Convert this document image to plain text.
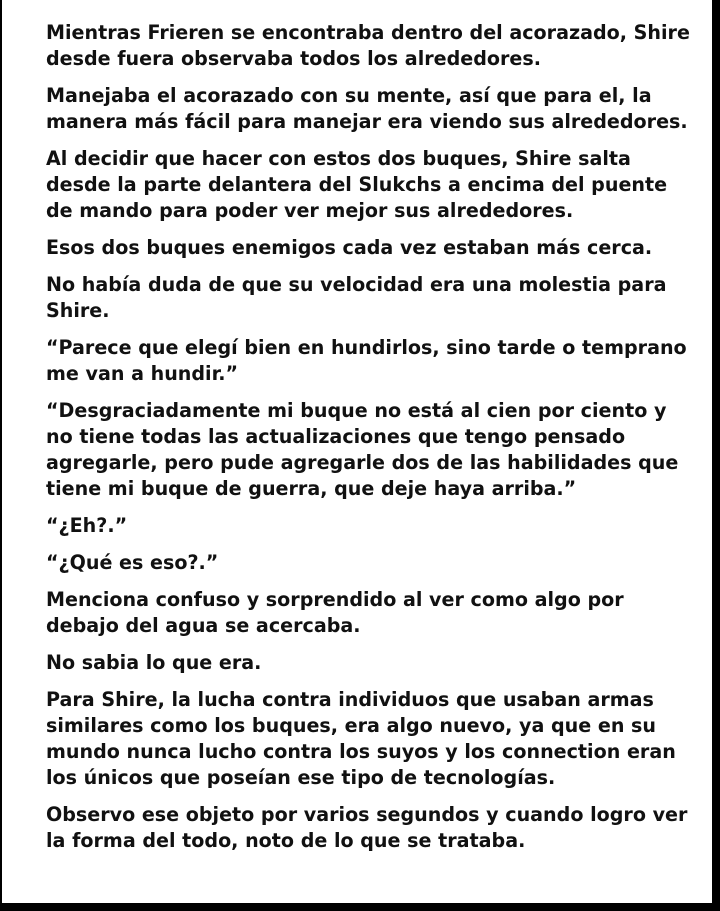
Mientras Frieren se encontraba dentro del acorazado, Shire desde fuera observaba todos los alrededores.

Manejaba el acorazado con su mente, así que para el, la manera más fácil para manejar era viendo sus alrededores.

Al decidir que hacer con estos dos buques, Shire salta desde la parte delantera del Slukchs a encima del puente de mando para poder ver mejor sus alrededores.

Esos dos buques enemigos cada vez estaban más cerca.

No había duda de que su velocidad era una molestia para Shire.

“Parece que elegí bien en hundirlos, sino tarde o temprano me van a hundir.”

“Desgraciadamente mi buque no está al cien por ciento y no tiene todas las actualizaciones que tengo pensado agregarle, pero pude agregarle dos de las habilidades que tiene mi buque de guerra, que deje haya arriba.”

“¿Eh?.”

“¿Qué es eso?.”

Menciona confuso y sorprendido al ver como algo por debajo del agua se acercaba.

No sabia lo que era.

Para Shire, la lucha contra individuos que usaban armas similares como los buques, era algo nuevo, ya que en su mundo nunca lucho contra los suyos y los connection eran los únicos que poseían ese tipo de tecnologías.

Observo ese objeto por varios segundos y cuando logro ver la forma del todo, noto de lo que se trataba.
